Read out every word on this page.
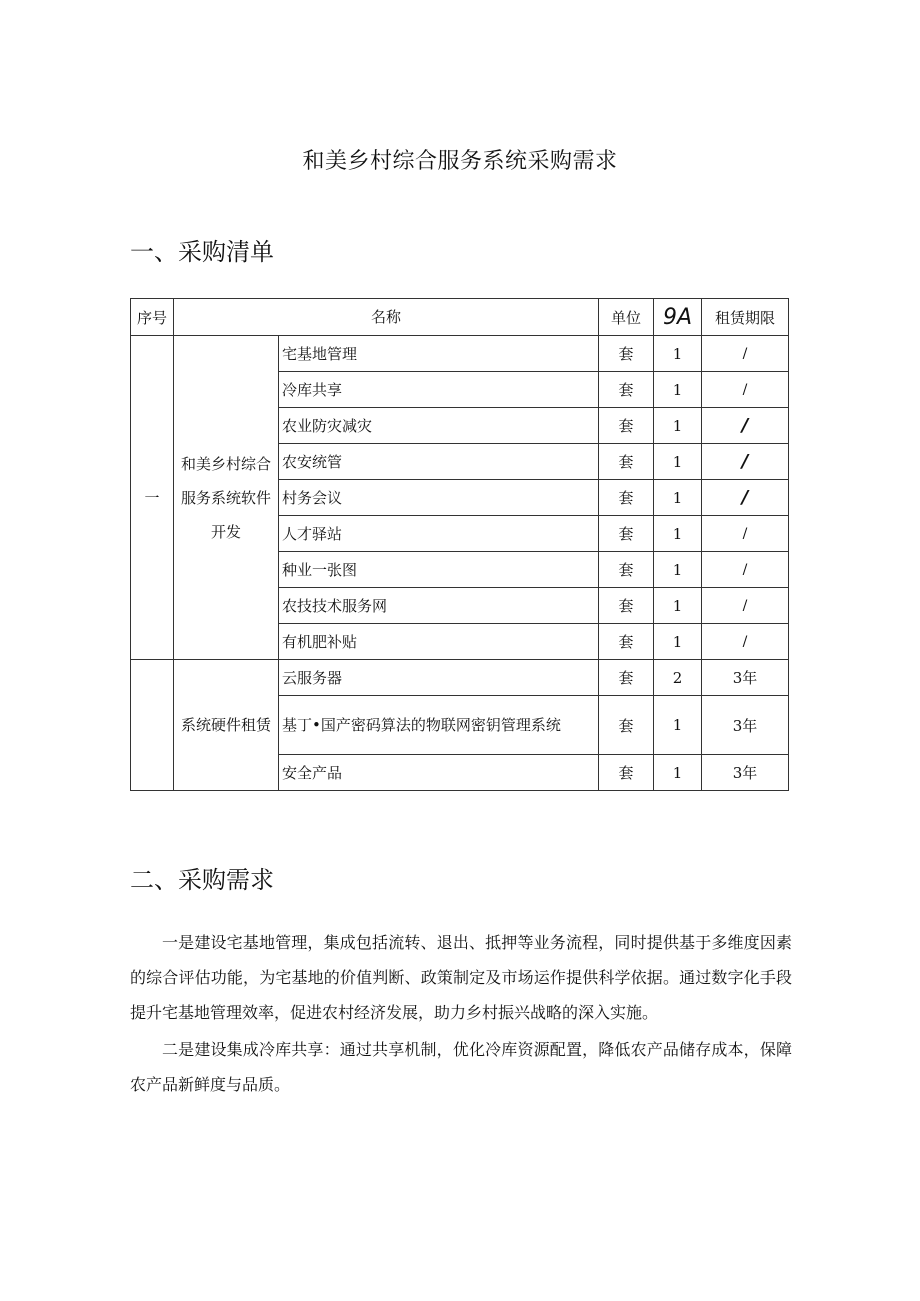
和美乡村综合服务系统采购需求
一、采购清单
序号	名称		单位	9A	租赁期限
一	和美乡村综合服务系统软件开发	宅基地管理	套	1	/
		冷库共享	套	1	/
		农业防灾减灾	套	1	/
		农安统管	套	1	/
		村务会议	套	1	/
		人才驿站	套	1	/
		种业一张图	套	1	/
		农技技术服务网	套	1	/
		有机肥补贴	套	1	/
	系统硬件租赁	云服务器	套	2	3年
		基丁•国产密码算法的物联网密钥管理系统	套	1	3年
		安全产品	套	1	3年
二、采购需求

一是建设宅基地管理，集成包括流转、退出、抵押等业务流程，同时提供基于多维度因素的综合评估功能，为宅基地的价值判断、政策制定及市场运作提供科学依据。通过数字化手段提升宅基地管理效率，促进农村经济发展，助力乡村振兴战略的深入实施。

二是建设集成冷库共享：通过共享机制，优化冷库资源配置，降低农产品储存成本，保障农产品新鲜度与品质。
